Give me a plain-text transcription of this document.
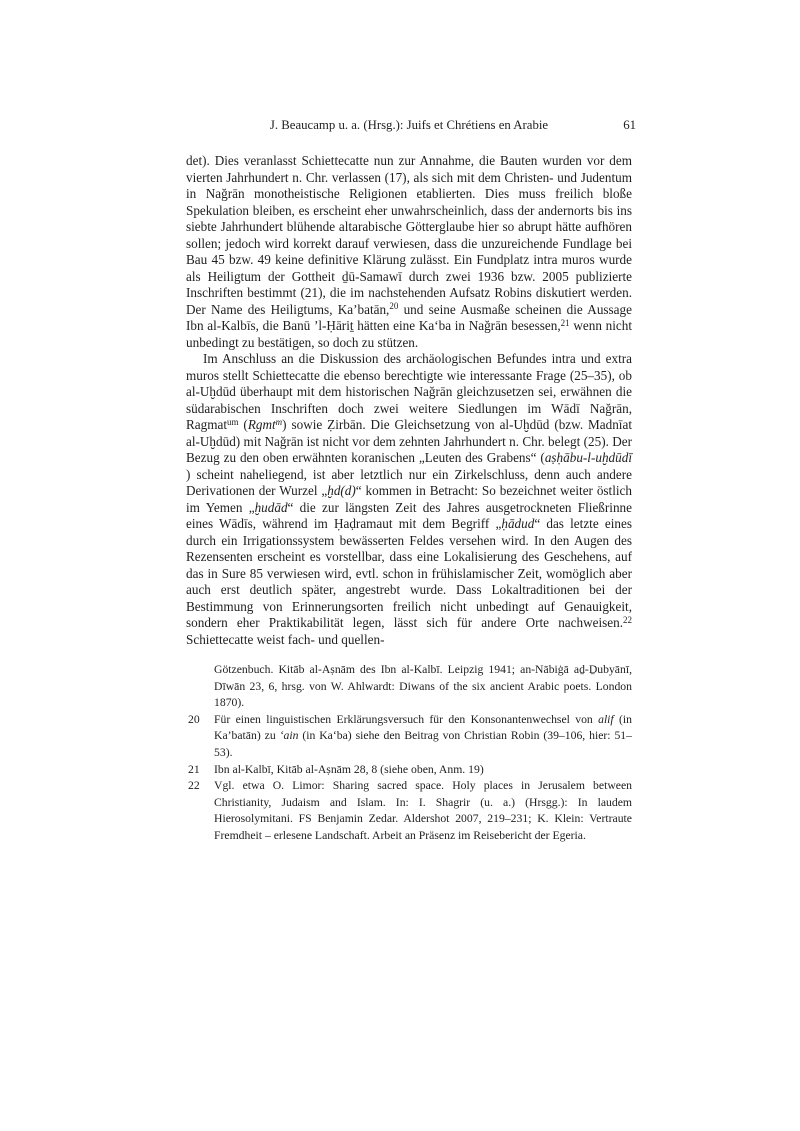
J. Beaucamp u. a. (Hrsg.): Juifs et Chrétiens en Arabie	61

det). Dies veranlasst Schiettecatte nun zur Annahme, die Bauten wurden vor dem vierten Jahrhundert n. Chr. verlassen (17), als sich mit dem Christen- und Judentum in Nağrān monotheistische Religionen etablierten. Dies muss freilich bloße Spekulation bleiben, es erscheint eher unwahrscheinlich, dass der andernorts bis ins siebte Jahrhundert blühende altarabische Götterglaube hier so abrupt hätte aufhören sollen; jedoch wird korrekt darauf verwiesen, dass die unzureichende Fundlage bei Bau 45 bzw. 49 keine definitive Klärung zulässt. Ein Fundplatz intra muros wurde als Heiligtum der Gottheit ḏū-Samawī durch zwei 1936 bzw. 2005 publizierte Inschriften bestimmt (21), die im nachstehenden Aufsatz Robins diskutiert werden. Der Name des Heiligtums, Ka’batān,$^{20}$ und seine Ausmaße scheinen die Aussage Ibn al-Kalbīs, die Banū ’l-Ḥāriṯ hätten eine Ka‘ba in Nağrān besessen,$^{21}$ wenn nicht unbedingt zu bestätigen, so doch zu stützen.

Im Anschluss an die Diskussion des archäologischen Befundes intra und extra muros stellt Schiettecatte die ebenso berechtigte wie interessante Frage (25–35), ob al-Uḫdūd überhaupt mit dem historischen Nağrān gleichzusetzen sei, erwähnen die südarabischen Inschriften doch zwei weitere Siedlungen im Wādī Nağrān, Ragmat$^{um}$ (Rgmt$^m$) sowie Ẓirbān. Die Gleichsetzung von al-Uḫdūd (bzw. Madnīat al-Uḫdūd) mit Nağrān ist nicht vor dem zehnten Jahrhundert n. Chr. belegt (25). Der Bezug zu den oben erwähnten koranischen „Leuten des Grabens“ (aṣḥābu-l-uḫdūdī ) scheint naheliegend, ist aber letztlich nur ein Zirkelschluss, denn auch andere Derivationen der Wurzel „ḫd(d)“ kommen in Betracht: So bezeichnet weiter östlich im Yemen „ḫudād“ die zur längsten Zeit des Jahres ausgetrockneten Fließrinne eines Wādīs, während im Ḥaḍramaut mit dem Begriff „ḥādud“ das letzte eines durch ein Irrigationssystem bewässerten Feldes versehen wird. In den Augen des Rezensenten erscheint es vorstellbar, dass eine Lokalisierung des Geschehens, auf das in Sure 85 verwiesen wird, evtl. schon in frühislamischer Zeit, womöglich aber auch erst deutlich später, angestrebt wurde. Dass Lokaltraditionen bei der Bestimmung von Erinnerungsorten freilich nicht unbedingt auf Genauigkeit, sondern eher Praktikabilität legen, lässt sich für andere Orte nachweisen.$^{22}$ Schiettecatte weist fach- und quellen-

Götzenbuch. Kitāb al-Aṣnām des Ibn al-Kalbī. Leipzig 1941; an-Nābiġā aḏ-Ḏubyānī, Dīwān 23, 6, hrsg. von W. Ahlwardt: Diwans of the six ancient Arabic poets. London 1870).
20 Für einen linguistischen Erklärungsversuch für den Konsonantenwechsel von alif (in Ka’batān) zu ‘ain (in Ka‘ba) siehe den Beitrag von Christian Robin (39–106, hier: 51–53).
21 Ibn al-Kalbī, Kitāb al-Aṣnām 28, 8 (siehe oben, Anm. 19)
22 Vgl. etwa O. Limor: Sharing sacred space. Holy places in Jerusalem between Christianity, Judaism and Islam. In: I. Shagrir (u. a.) (Hrsgg.): In laudem Hierosolymitani. FS Benjamin Zedar. Aldershot 2007, 219–231; K. Klein: Vertraute Fremdheit – erlesene Landschaft. Arbeit an Präsenz im Reisebericht der Egeria.
